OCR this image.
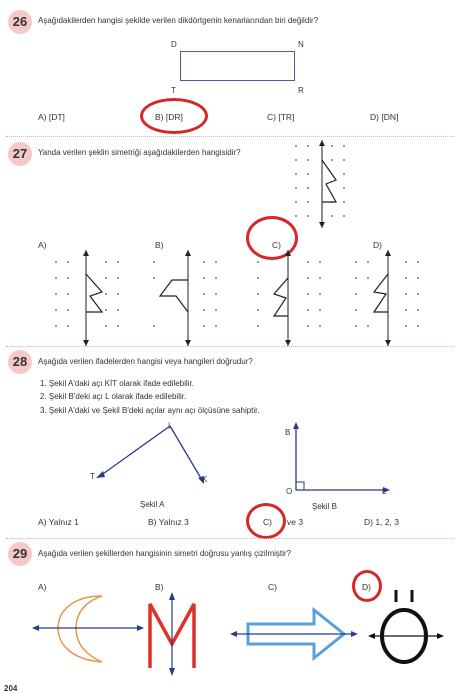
26	Aşağıdakilerden hangisi şekilde verilen dikdörtgenin kenarlarından biri değildir?
D	N
T	R
A) [DT]	B) [DR]	C) [TR]	D) [DN]
27	Yanda verilen şeklin simetriği aşağıdakilerden hangisidir?
A)	B)	C)	D)
28	Aşağıda verilen ifadelerden hangisi veya hangileri doğrudur?
1. Şekil A'daki açı KİT olarak ifade edilebilir.
2. Şekil B'deki açı L olarak ifade edilebilir.
3. Şekil A'daki ve Şekil B'deki açılar aynı açı ölçüsüne sahiptir.
T
İ
K
Şekil A
B
O	L
Şekil B
A) Yalnız 1	B) Yalnız 3	C) ve 3	D) 1, 2, 3
29	Aşağıda verilen şekillerden hangisinin simetri doğrusu yanlış çizilmiştir?
A)	B)	C)	D)
204
